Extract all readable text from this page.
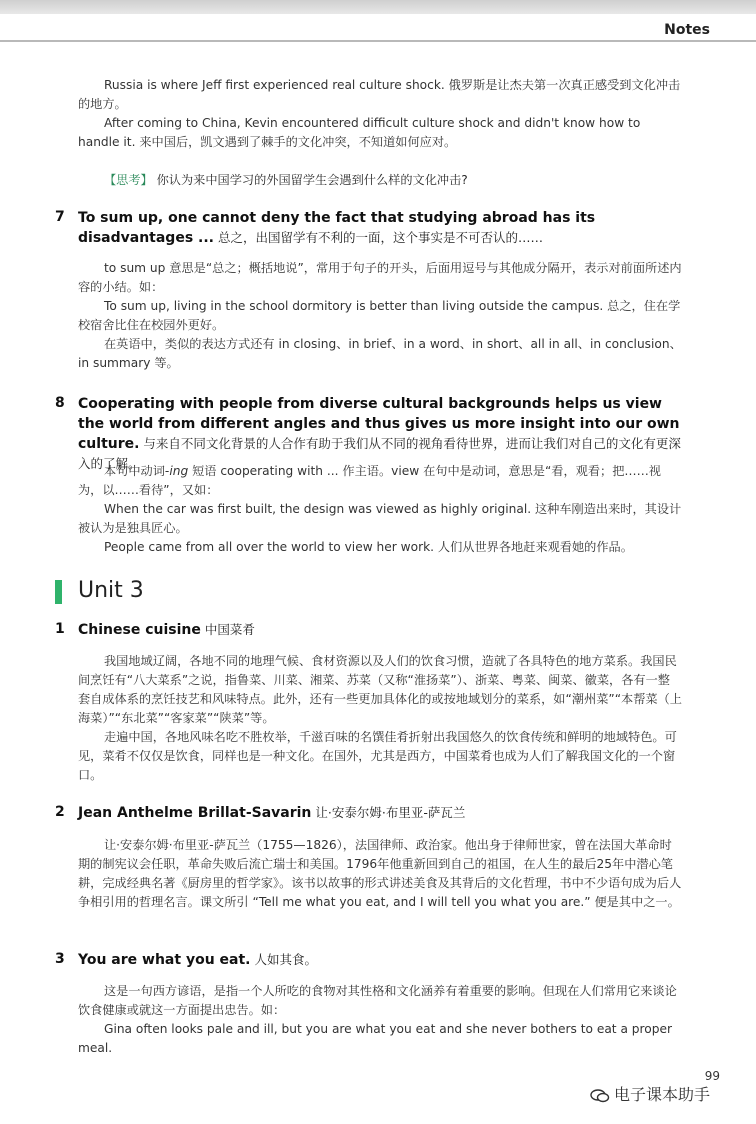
Notes
Russia is where Jeff first experienced real culture shock. 俄罗斯是让杰夫第一次真正感受到文化冲击的地方。
After coming to China, Kevin encountered difficult culture shock and didn't know how to handle it. 来中国后，凯文遇到了棘手的文化冲突，不知道如何应对。
【思考】 你认为来中国学习的外国留学生会遇到什么样的文化冲击?
7 To sum up, one cannot deny the fact that studying abroad has its disadvantages ... 总之，出国留学有不利的一面，这个事实是不可否认的……
to sum up 意思是“总之；概括地说”，常用于句子的开头，后面用逗号与其他成分隔开，表示对前面所述内容的小结。如：
To sum up, living in the school dormitory is better than living outside the campus. 总之，住在学校宿舍比住在校园外更好。
在英语中，类似的表达方式还有 in closing、in brief、in a word、in short、all in all、in conclusion、in summary 等。
8 Cooperating with people from diverse cultural backgrounds helps us view the world from different angles and thus gives us more insight into our own culture. 与来自不同文化背景的人合作有助于我们从不同的视角看待世界，进而让我们对自己的文化有更深入的了解。
本句中动词-ing 短语 cooperating with ... 作主语。view 在句中是动词，意思是“看，观看；把……视为，以……看待”，又如：
When the car was first built, the design was viewed as highly original. 这种车刚造出来时，其设计被认为是独具匠心。
People came from all over the world to view her work. 人们从世界各地赶来观看她的作品。
Unit 3
1 Chinese cuisine 中国菜肴
我国地域辽阔，各地不同的地理气候、食材资源以及人们的饮食习惯，造就了各具特色的地方菜系。我国民间烹饪有“八大菜系”之说，指鲁菜、川菜、湘菜、苏菜（又称“淮扬菜”）、浙菜、粤菜、闽菜、徽菜，各有一整套自成体系的烹饪技艺和风味特点。此外，还有一些更加具体化的或按地域划分的菜系，如“潮州菜”“本帮菜（上海菜）”“东北菜”“客家菜”“陕菜”等。
走遍中国，各地风味名吃不胜枚举，千滋百味的名馔佳肴折射出我国悠久的饮食传统和鲜明的地域特色。可见，菜肴不仅仅是饮食，同样也是一种文化。在国外，尤其是西方，中国菜肴也成为人们了解我国文化的一个窗口。
2 Jean Anthelme Brillat-Savarin 让·安泰尔姆·布里亚-萨瓦兰
让·安泰尔姆·布里亚-萨瓦兰（1755—1826），法国律师、政治家。他出身于律师世家，曾在法国大革命时期的制宪议会任职，革命失败后流亡瑞士和美国。1796年他重新回到自己的祖国，在人生的最后25年中潜心笔耕，完成经典名著《厨房里的哲学家》。该书以故事的形式讲述美食及其背后的文化哲理，书中不少语句成为后人争相引用的哲理名言。课文所引 “Tell me what you eat, and I will tell you what you are.” 便是其中之一。
3 You are what you eat. 人如其食。
这是一句西方谚语，是指一个人所吃的食物对其性格和文化涵养有着重要的影响。但现在人们常用它来谈论饮食健康或就这一方面提出忠告。如：
Gina often looks pale and ill, but you are what you eat and she never bothers to eat a proper meal.
99
电子课本助手
